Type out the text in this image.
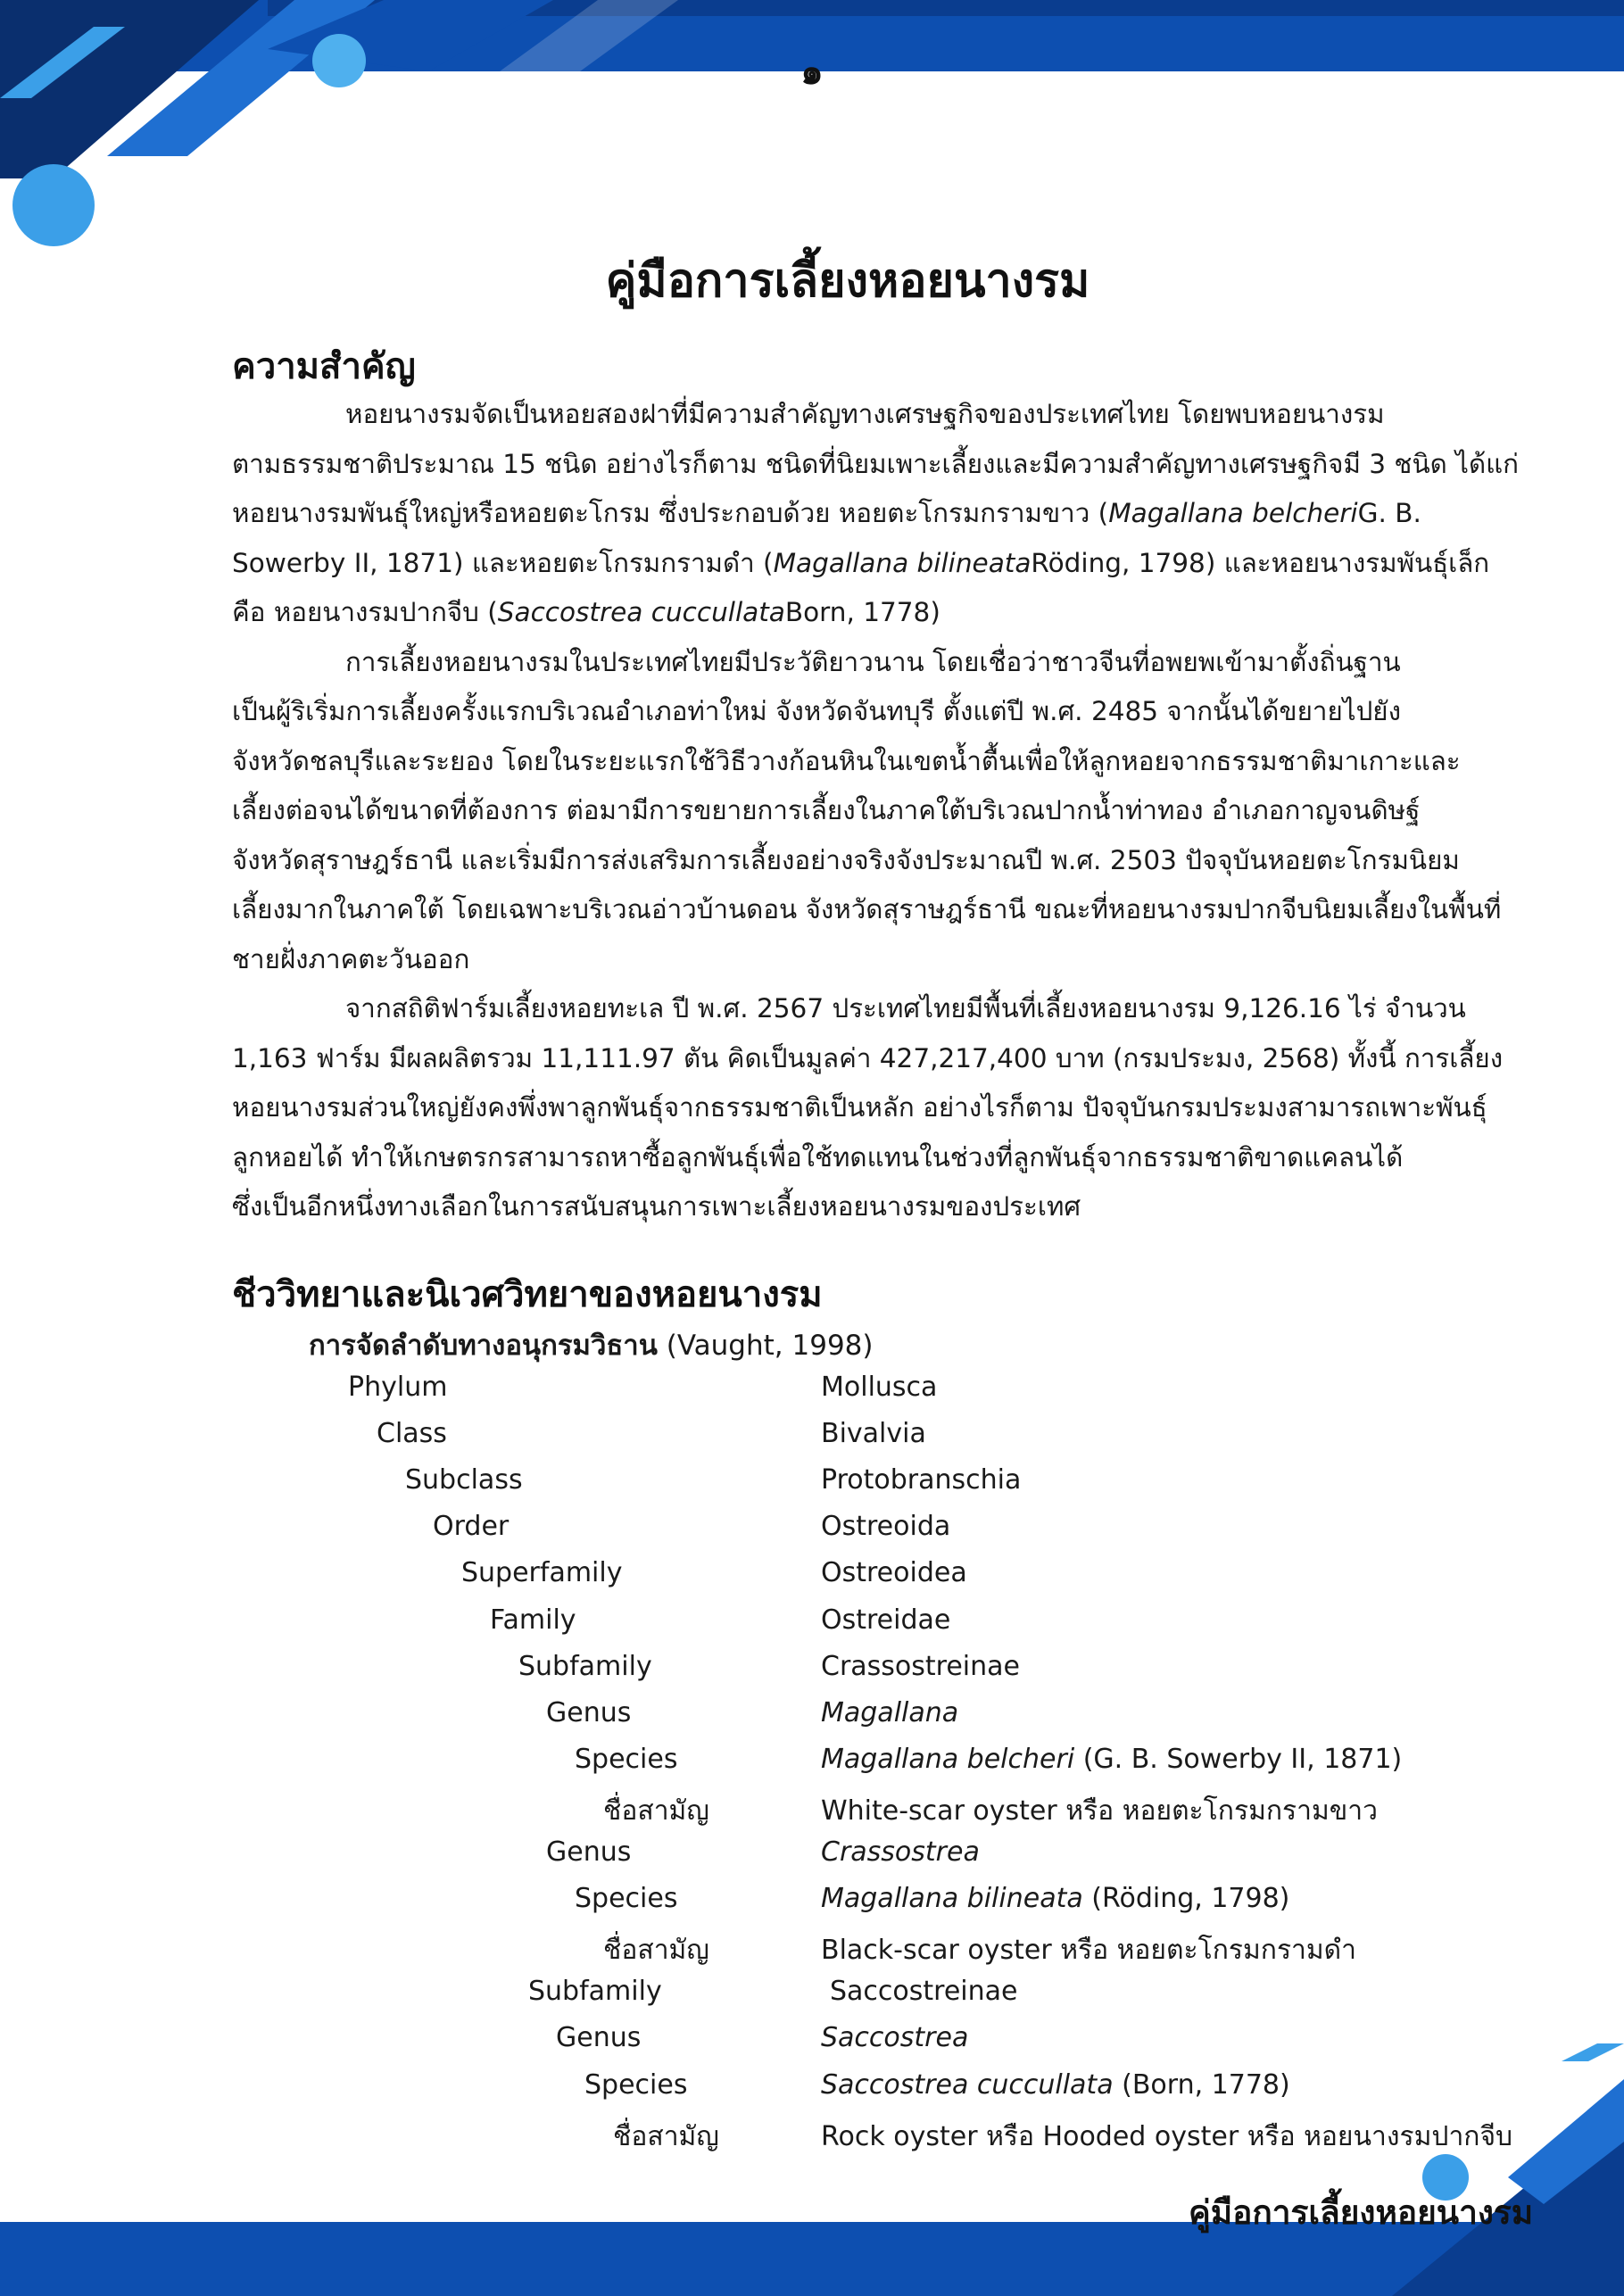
๑
คู่มือการเลี้ยงหอยนางรม
ความสำคัญ
หอยนางรมจัดเป็นหอยสองฝาที่มีความสำคัญทางเศรษฐกิจของประเทศไทย โดยพบหอยนางรม
ตามธรรมชาติประมาณ 15 ชนิด อย่างไรก็ตาม ชนิดที่นิยมเพาะเลี้ยงและมีความสำคัญทางเศรษฐกิจมี 3 ชนิด ได้แก่
หอยนางรมพันธุ์ใหญ่หรือหอยตะโกรม ซึ่งประกอบด้วย หอยตะโกรมกรามขาว ( Magallana belcheri G. B.
Sowerby II, 1871) และหอยตะโกรมกรามดำ ( Magallana bilineata Röding, 1798) และหอยนางรมพันธุ์เล็ก
คือ หอยนางรมปากจีบ ( Saccostrea cuccullata Born, 1778)
การเลี้ยงหอยนางรมในประเทศไทยมีประวัติยาวนาน โดยเชื่อว่าชาวจีนที่อพยพเข้ามาตั้งถิ่นฐาน
เป็นผู้ริเริ่มการเลี้ยงครั้งแรกบริเวณอำเภอท่าใหม่ จังหวัดจันทบุรี ตั้งแต่ปี พ.ศ. 2485 จากนั้นได้ขยายไปยัง
จังหวัดชลบุรีและระยอง โดยในระยะแรกใช้วิธีวางก้อนหินในเขตน้ำตื้นเพื่อให้ลูกหอยจากธรรมชาติมาเกาะและ
เลี้ยงต่อจนได้ขนาดที่ต้องการ ต่อมามีการขยายการเลี้ยงในภาคใต้บริเวณปากน้ำท่าทอง อำเภอกาญจนดิษฐ์
จังหวัดสุราษฎร์ธานี และเริ่มมีการส่งเสริมการเลี้ยงอย่างจริงจังประมาณปี พ.ศ. 2503 ปัจจุบันหอยตะโกรมนิยม
เลี้ยงมากในภาคใต้ โดยเฉพาะบริเวณอ่าวบ้านดอน จังหวัดสุราษฎร์ธานี ขณะที่หอยนางรมปากจีบนิยมเลี้ยงในพื้นที่
ชายฝั่งภาคตะวันออก
จากสถิติฟาร์มเลี้ยงหอยทะเล ปี พ.ศ. 2567 ประเทศไทยมีพื้นที่เลี้ยงหอยนางรม 9,126.16 ไร่ จำนวน
1,163 ฟาร์ม มีผลผลิตรวม 11,111.97 ตัน คิดเป็นมูลค่า 427,217,400 บาท (กรมประมง, 2568) ทั้งนี้ การเลี้ยง
หอยนางรมส่วนใหญ่ยังคงพึ่งพาลูกพันธุ์จากธรรมชาติเป็นหลัก อย่างไรก็ตาม ปัจจุบันกรมประมงสามารถเพาะพันธุ์
ลูกหอยได้ ทำให้เกษตรกรสามารถหาซื้อลูกพันธุ์เพื่อใช้ทดแทนในช่วงที่ลูกพันธุ์จากธรรมชาติขาดแคลนได้
ซึ่งเป็นอีกหนึ่งทางเลือกในการสนับสนุนการเพาะเลี้ยงหอยนางรมของประเทศ
ชีววิทยาและนิเวศวิทยาของหอยนางรม
การจัดลำดับทางอนุกรมวิธาน (Vaught, 1998)
Phylum	Mollusca
Class	Bivalvia
Subclass	Protobranschia
Order	Ostreoida
Superfamily	Ostreoidea
Family	Ostreidae
Subfamily	Crassostreinae
Genus	Magallana
Species	Magallana belcheri (G. B. Sowerby II, 1871)
ชื่อสามัญ	White-scar oyster หรือ หอยตะโกรมกรามขาว
Genus	Crassostrea
Species	Magallana bilineata (Röding, 1798)
ชื่อสามัญ	Black-scar oyster หรือ หอยตะโกรมกรามดำ
Subfamily	Saccostreinae
Genus	Saccostrea
Species	Saccostrea cuccullata (Born, 1778)
ชื่อสามัญ	Rock oyster หรือ Hooded oyster หรือ หอยนางรมปากจีบ
คู่มือการเลี้ยงหอยนางรม
